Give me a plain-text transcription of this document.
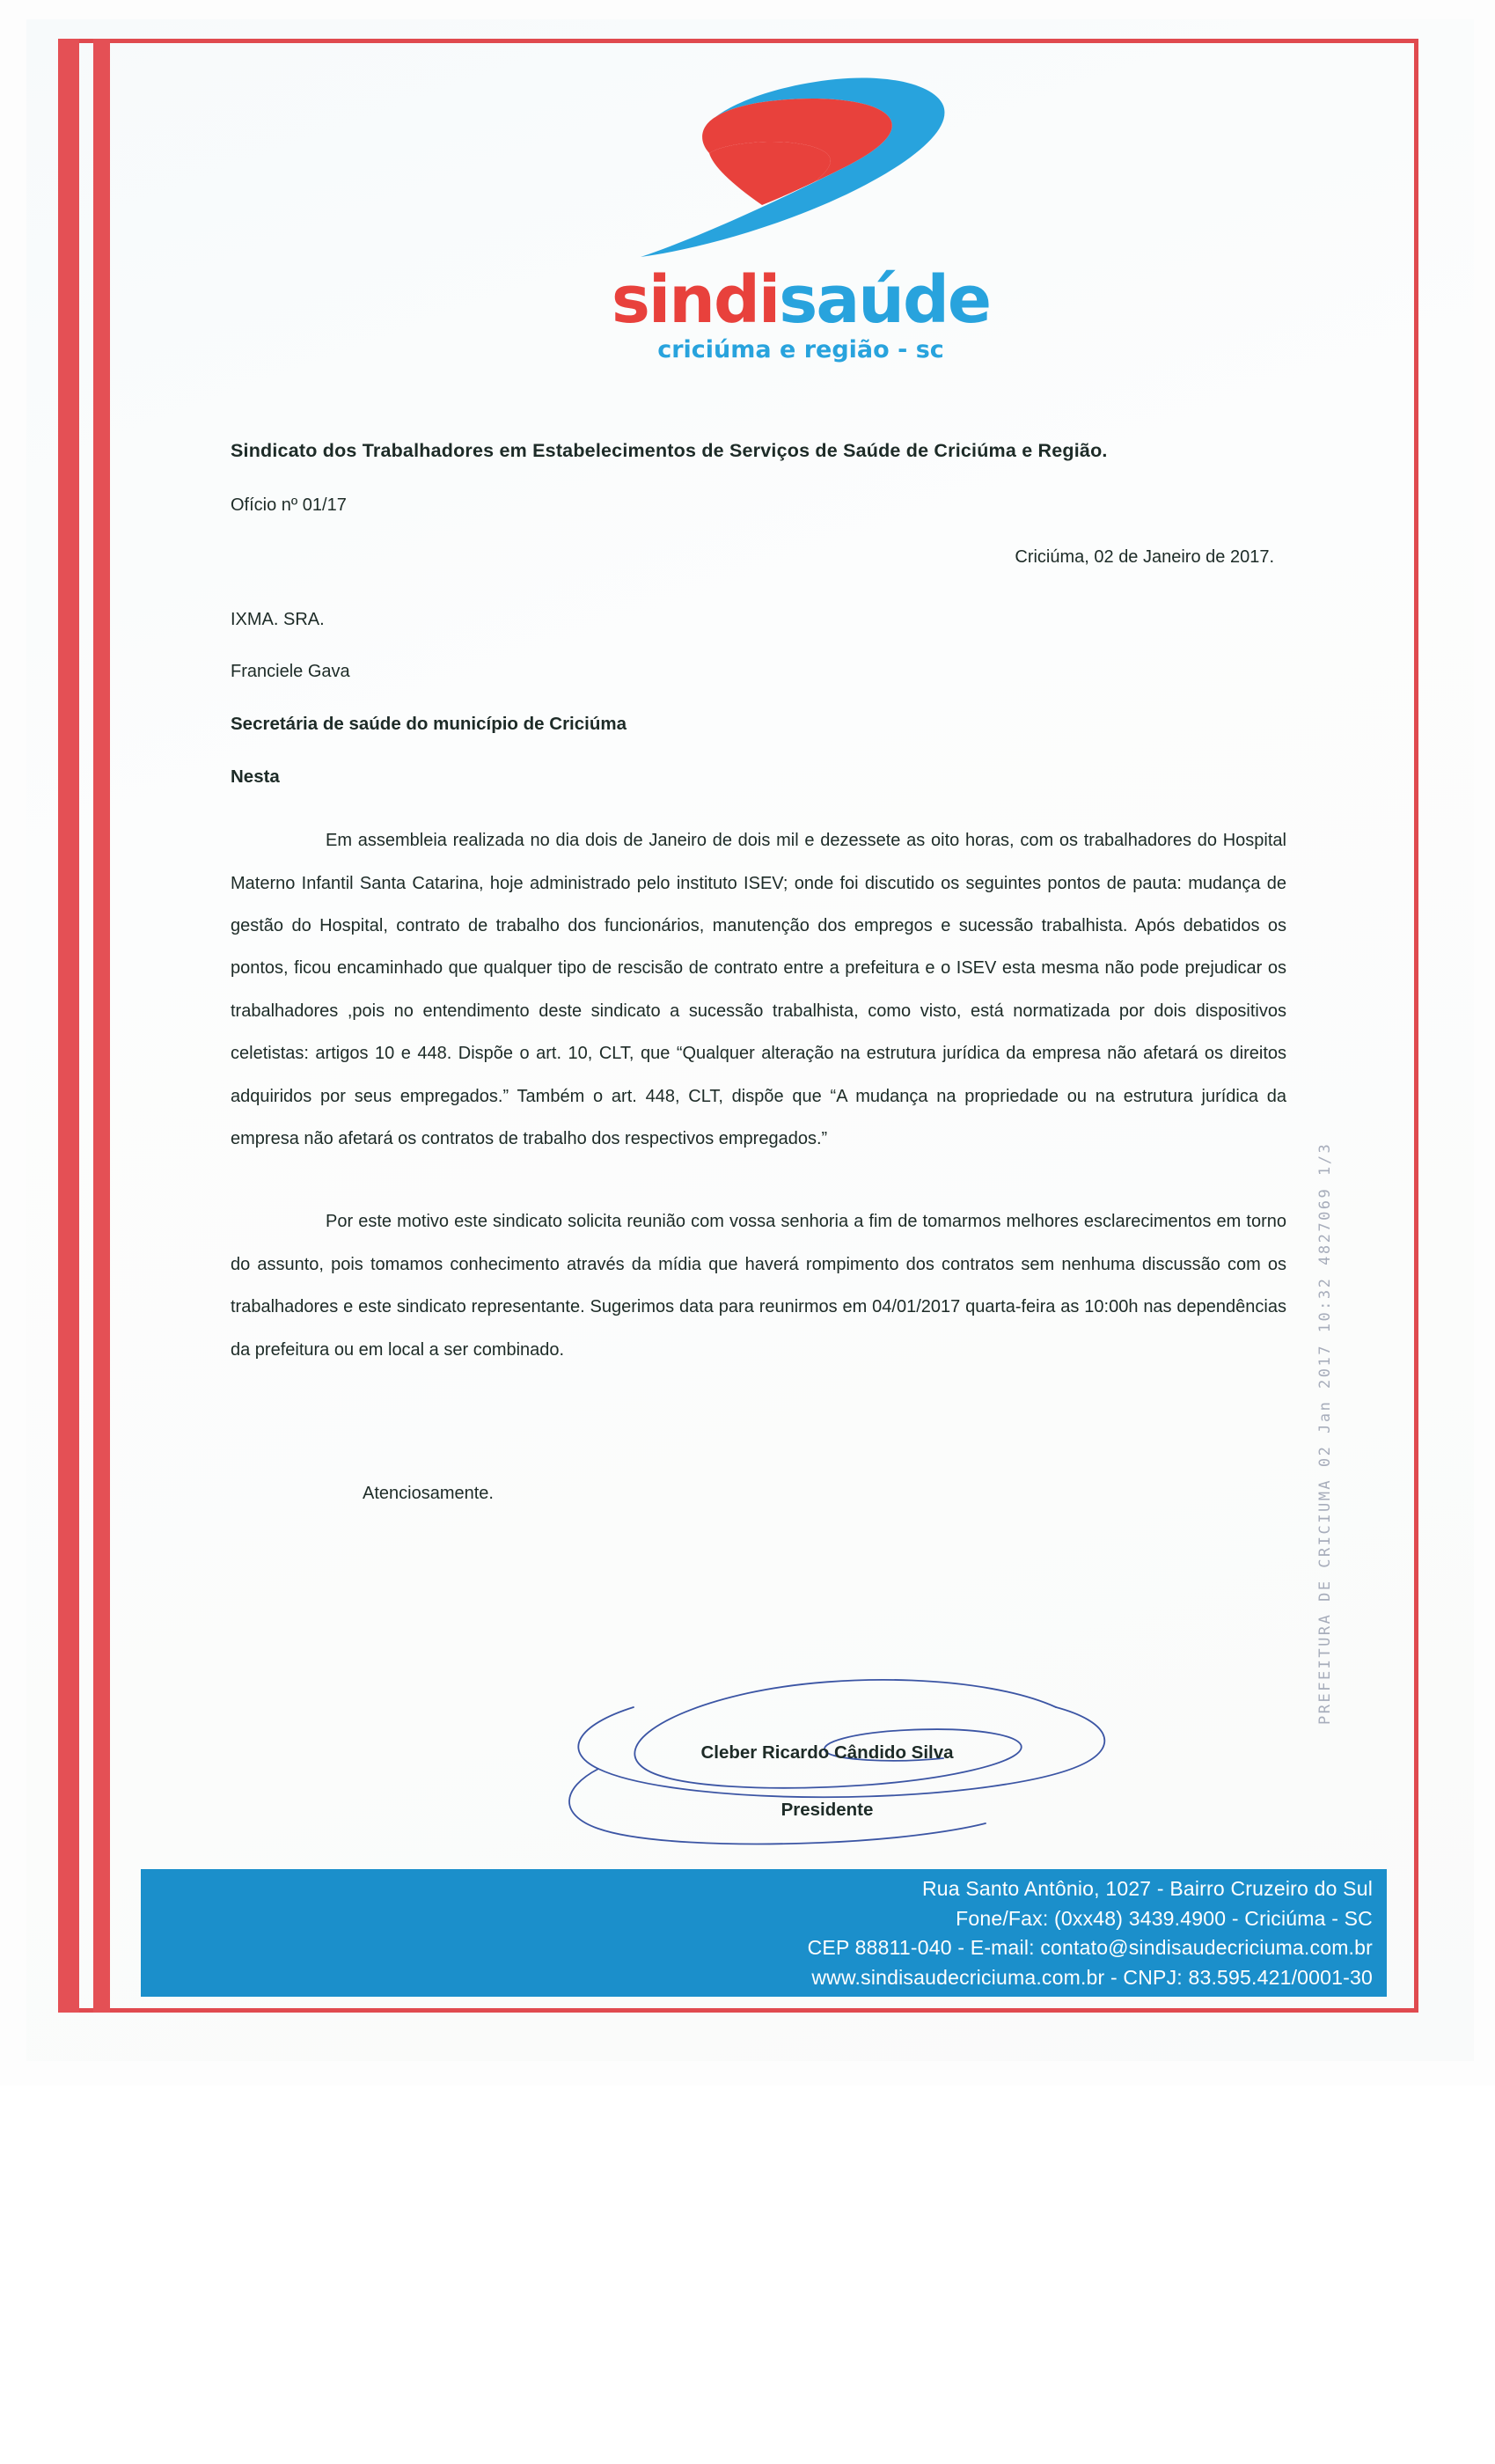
sindisaúde
criciúma e região - sc

Sindicato dos Trabalhadores em Estabelecimentos de Serviços de Saúde de Criciúma e Região.

Ofício nº 01/17

Criciúma, 02 de Janeiro de 2017.

IXMA. SRA.

Franciele Gava

Secretária de saúde do município de Criciúma

Nesta

Em assembleia realizada no dia dois de Janeiro de dois mil e dezessete as oito horas, com os trabalhadores do Hospital Materno Infantil Santa Catarina, hoje administrado pelo instituto ISEV; onde foi discutido os seguintes pontos de pauta: mudança de gestão do Hospital, contrato de trabalho dos funcionários, manutenção dos empregos e sucessão trabalhista. Após debatidos os pontos, ficou encaminhado que qualquer tipo de rescisão de contrato entre a prefeitura e o ISEV esta mesma não pode prejudicar os trabalhadores ,pois no entendimento deste sindicato a sucessão trabalhista, como visto, está normatizada por dois dispositivos celetistas: artigos 10 e 448. Dispõe o art. 10, CLT, que “Qualquer alteração na estrutura jurídica da empresa não afetará os direitos adquiridos por seus empregados.” Também o art. 448, CLT, dispõe que “A mudança na propriedade ou na estrutura jurídica da empresa não afetará os contratos de trabalho dos respectivos empregados.”

Por este motivo este sindicato solicita reunião com vossa senhoria a fim de tomarmos melhores esclarecimentos em torno do assunto, pois tomamos conhecimento através da mídia que haverá rompimento dos contratos sem nenhuma discussão com os trabalhadores e este sindicato representante. Sugerimos data para reunirmos em 04/01/2017 quarta-feira as 10:00h nas dependências da prefeitura ou em local a ser combinado.

Atenciosamente.

Cleber Ricardo Cândido Silva
Presidente
PREFEITURA DE CRICIUMA 02 Jan 2017 10:32 4827069 1/3
Rua Santo Antônio, 1027 - Bairro Cruzeiro do Sul
Fone/Fax: (0xx48) 3439.4900 - Criciúma - SC
CEP 88811-040 - E-mail: contato@sindisaudecriciuma.com.br
www.sindisaudecriciuma.com.br - CNPJ: 83.595.421/0001-30
